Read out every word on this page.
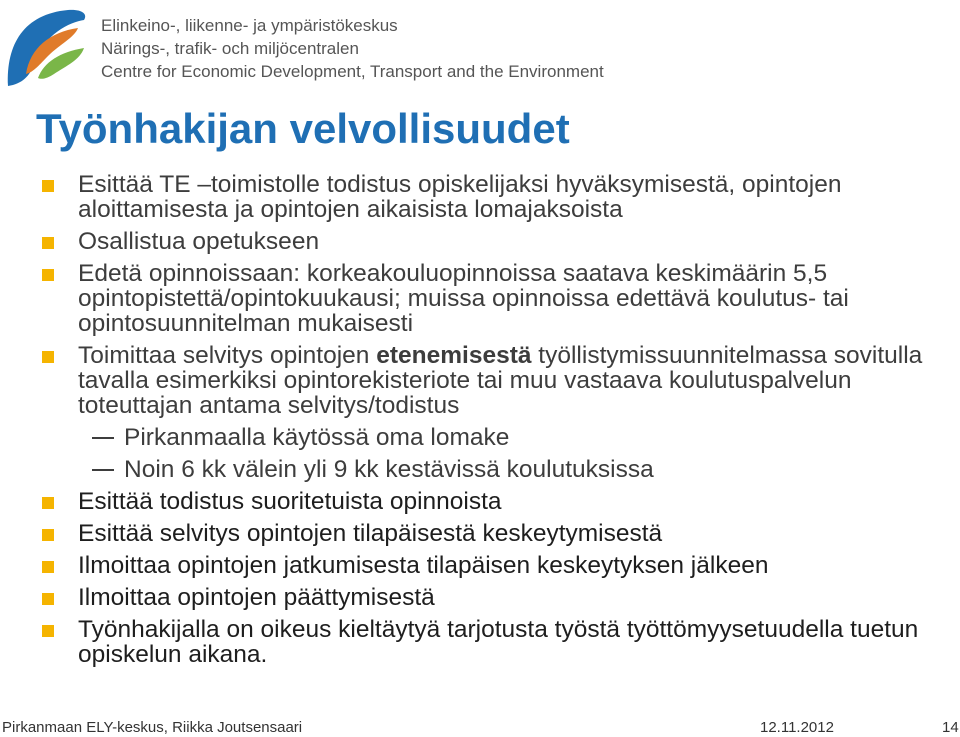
Elinkeino-, liikenne- ja ympäristökeskus
Närings-, trafik- och miljöcentralen
Centre for Economic Development, Transport and the Environment
Työnhakijan velvollisuudet
Esittää TE –toimistolle todistus opiskelijaksi hyväksymisestä, opintojen aloittamisesta ja opintojen aikaisista lomajaksoista
Osallistua opetukseen
Edetä opinnoissaan: korkeakouluopinnoissa saatava keskimäärin 5,5 opintopistettä/opintokuukausi; muissa opinnoissa edettävä koulutus- tai opintosuunnitelman mukaisesti
Toimittaa selvitys opintojen etenemisestä työllistymissuunnitelmassa sovitulla tavalla esimerkiksi opintorekisteriote tai muu vastaava koulutuspalvelun toteuttajan antama selvitys/todistus
Pirkanmaalla käytössä oma lomake
Noin 6 kk välein yli 9 kk kestävissä koulutuksissa
Esittää todistus suoritetuista opinnoista
Esittää selvitys opintojen tilapäisestä keskeytymisestä
Ilmoittaa opintojen jatkumisesta tilapäisen keskeytyksen jälkeen
Ilmoittaa opintojen päättymisestä
Työnhakijalla on oikeus kieltäytyä tarjotusta työstä työttömyysetuudella tuetun opiskelun aikana.
Pirkanmaan ELY-keskus, Riikka Joutsensaari	12.11.2012	14
